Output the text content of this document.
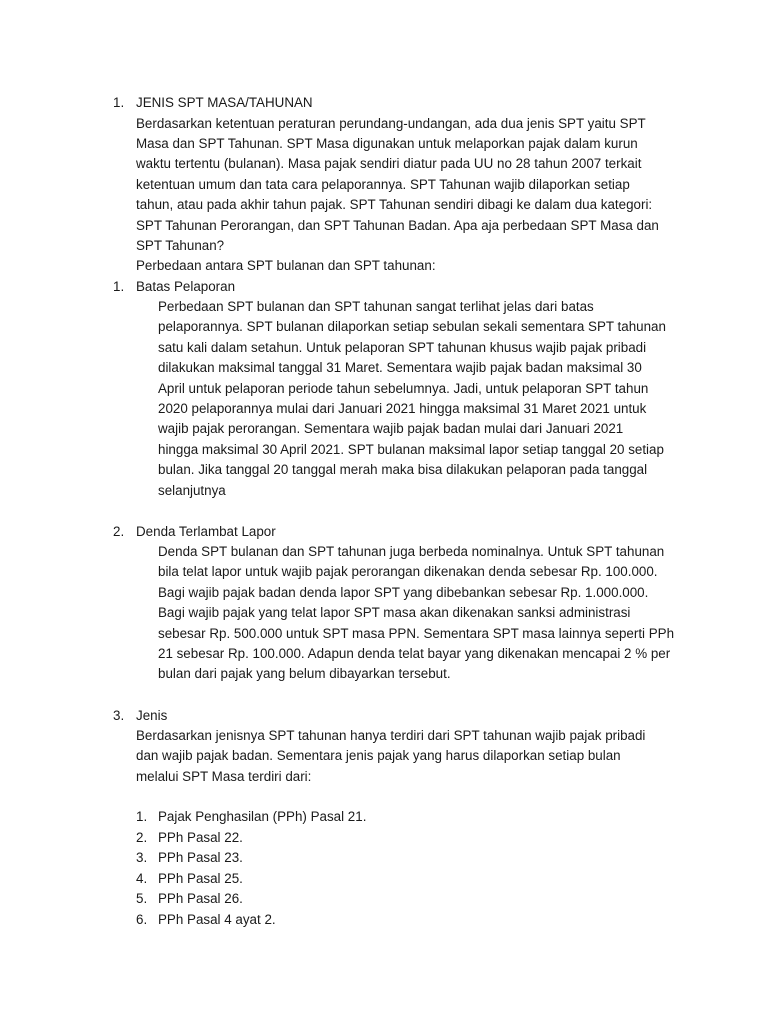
1. JENIS SPT MASA/TAHUNAN
Berdasarkan ketentuan peraturan perundang-undangan, ada dua jenis SPT yaitu SPT
Masa dan SPT Tahunan. SPT Masa digunakan untuk melaporkan pajak dalam kurun
waktu tertentu (bulanan). Masa pajak sendiri diatur pada UU no 28 tahun 2007 terkait
ketentuan umum dan tata cara pelaporannya. SPT Tahunan wajib dilaporkan setiap
tahun, atau pada akhir tahun pajak. SPT Tahunan sendiri dibagi ke dalam dua kategori:
SPT Tahunan Perorangan, dan SPT Tahunan Badan. Apa aja perbedaan SPT Masa dan
SPT Tahunan?
Perbedaan antara SPT bulanan dan SPT tahunan:
1. Batas Pelaporan
Perbedaan SPT bulanan dan SPT tahunan sangat terlihat jelas dari batas
pelaporannya. SPT bulanan dilaporkan setiap sebulan sekali sementara SPT tahunan
satu kali dalam setahun. Untuk pelaporan SPT tahunan khusus wajib pajak pribadi
dilakukan maksimal tanggal 31 Maret. Sementara wajib pajak badan maksimal 30
April untuk pelaporan periode tahun sebelumnya. Jadi, untuk pelaporan SPT tahun
2020 pelaporannya mulai dari Januari 2021 hingga maksimal 31 Maret 2021 untuk
wajib pajak perorangan. Sementara wajib pajak badan mulai dari Januari 2021
hingga maksimal 30 April 2021. SPT bulanan maksimal lapor setiap tanggal 20 setiap
bulan. Jika tanggal 20 tanggal merah maka bisa dilakukan pelaporan pada tanggal
selanjutnya
2. Denda Terlambat Lapor
Denda SPT bulanan dan SPT tahunan juga berbeda nominalnya. Untuk SPT tahunan
bila telat lapor untuk wajib pajak perorangan dikenakan denda sebesar Rp. 100.000.
Bagi wajib pajak badan denda lapor SPT yang dibebankan sebesar Rp. 1.000.000.
Bagi wajib pajak yang telat lapor SPT masa akan dikenakan sanksi administrasi
sebesar Rp. 500.000 untuk SPT masa PPN. Sementara SPT masa lainnya seperti PPh
21 sebesar Rp. 100.000. Adapun denda telat bayar yang dikenakan mencapai 2 % per
bulan dari pajak yang belum dibayarkan tersebut.
3. Jenis
Berdasarkan jenisnya SPT tahunan hanya terdiri dari SPT tahunan wajib pajak pribadi
dan wajib pajak badan. Sementara jenis pajak yang harus dilaporkan setiap bulan
melalui SPT Masa terdiri dari:
1. Pajak Penghasilan (PPh) Pasal 21.
2. PPh Pasal 22.
3. PPh Pasal 23.
4. PPh Pasal 25.
5. PPh Pasal 26.
6. PPh Pasal 4 ayat 2.
